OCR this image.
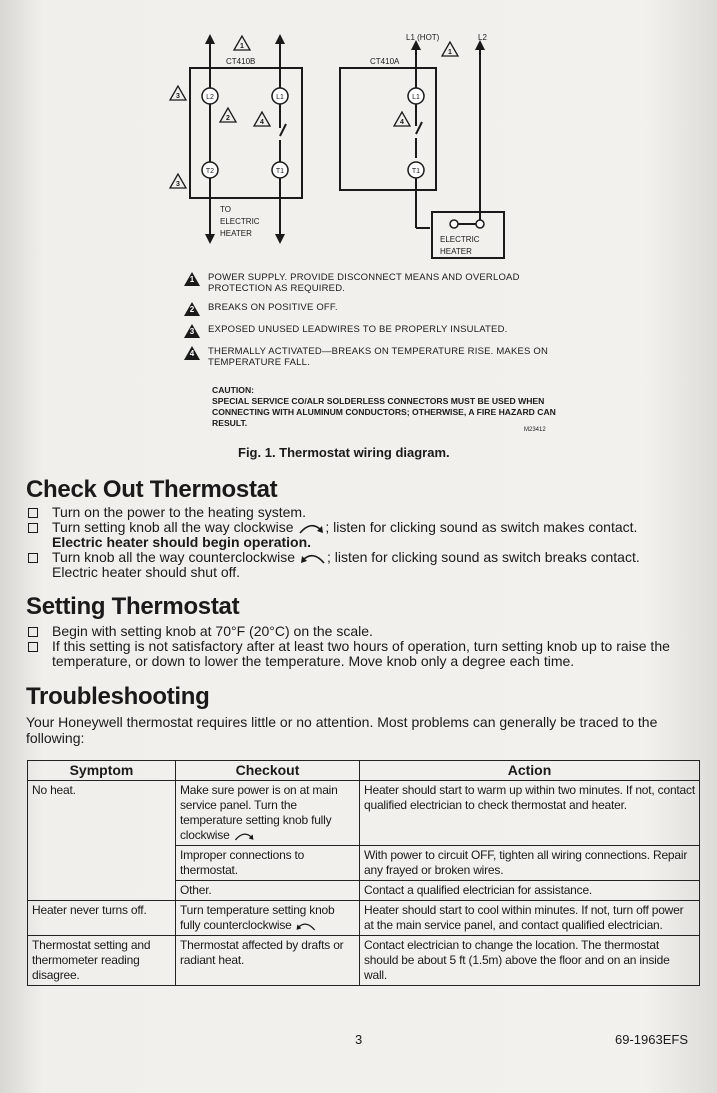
L2	L1
T2	T1
L1
T1
CT410B	CT410A
L1 (HOT)	L2
TO
ELECTRIC
HEATER
ELECTRIC
HEATER
1
1
3
3
2
4	4
1 POWER SUPPLY. PROVIDE DISCONNECT MEANS AND OVERLOAD PROTECTION AS REQUIRED.
2 BREAKS ON POSITIVE OFF.
3 EXPOSED UNUSED LEADWIRES TO BE PROPERLY INSULATED.
4 THERMALLY ACTIVATED—BREAKS ON TEMPERATURE RISE. MAKES ON TEMPERATURE FALL.
CAUTION:
SPECIAL SERVICE CO/ALR SOLDERLESS CONNECTORS MUST BE USED WHEN CONNECTING WITH ALUMINUM CONDUCTORS; OTHERWISE, A FIRE HAZARD CAN RESULT.
M23412
Fig. 1. Thermostat wiring diagram.
Check Out Thermostat
Turn on the power to the heating system.
Turn setting knob all the way clockwise ; listen for clicking sound as switch makes contact.
Electric heater should begin operation.
Turn knob all the way counterclockwise ; listen for clicking sound as switch breaks contact.
Electric heater should shut off.
Setting Thermostat
Begin with setting knob at 70°F (20°C) on the scale.
If this setting is not satisfactory after at least two hours of operation, turn setting knob up to raise the temperature, or down to lower the temperature. Move knob only a degree each time.
Troubleshooting
Your Honeywell thermostat requires little or no attention. Most problems can generally be traced to the following:
Symptom	Checkout	Action
No heat.	Make sure power is on at main service panel. Turn the temperature setting knob fully clockwise	Heater should start to warm up within two minutes. If not, contact qualified electrician to check thermostat and heater.
	Improper connections to thermostat.	With power to circuit OFF, tighten all wiring connections. Repair any frayed or broken wires.
	Other.	Contact a qualified electrician for assistance.
Heater never turns off.	Turn temperature setting knob fully counterclockwise	Heater should start to cool within minutes. If not, turn off power at the main service panel, and contact qualified electrician.
Thermostat setting and thermometer reading disagree.	Thermostat affected by drafts or radiant heat.	Contact electrician to change the location. The thermostat should be about 5 ft (1.5m) above the floor and on an inside wall.
3	69-1963EFS
